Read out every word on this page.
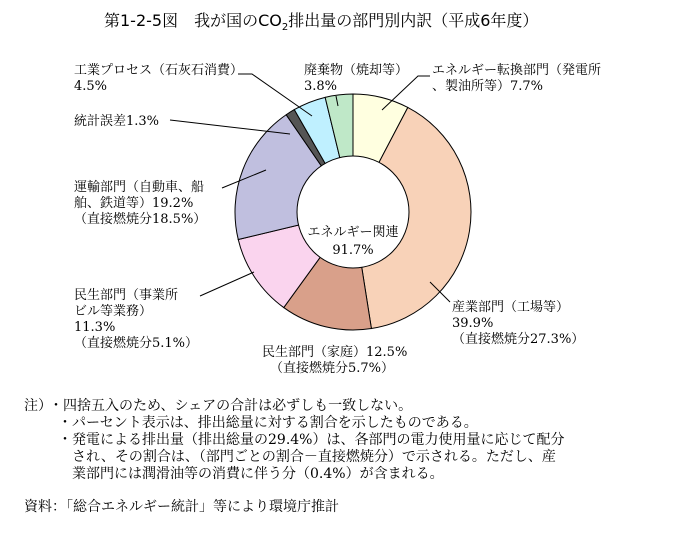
第1-2-5図　我が国の$CO_2$排出量の部門別内訳（平成6年度）
エネルギー関連
91.7%
エネルギー転換部門（発電所
、製油所等）7.7%
廃棄物（焼却等）
3.8%
工業プロセス（石灰石消費）
4.5%
統計誤差1.3%
運輸部門（自動車、船
舶、鉄道等）19.2%
（直接燃焼分18.5%）
民生部門（事業所
ビル等業務）
11.3%
（直接燃焼分5.1%）
民生部門（家庭）12.5%
（直接燃焼分5.7%）
産業部門（工場等）
39.9%
（直接燃焼分27.3%）
注） ・四捨五入のため、シェアの合計は必ずしも一致しない。
・パーセント表示は、排出総量に対する割合を示したものである。
・発電による排出量（排出総量の29.4%）は、各部門の電力使用量に応じて配分
　され、その割合は、（部門ごとの割合－直接燃焼分）で示される。ただし、産
　業部門には潤滑油等の消費に伴う分（0.4%）が含まれる。
資料：「総合エネルギー統計」等により環境庁推計
